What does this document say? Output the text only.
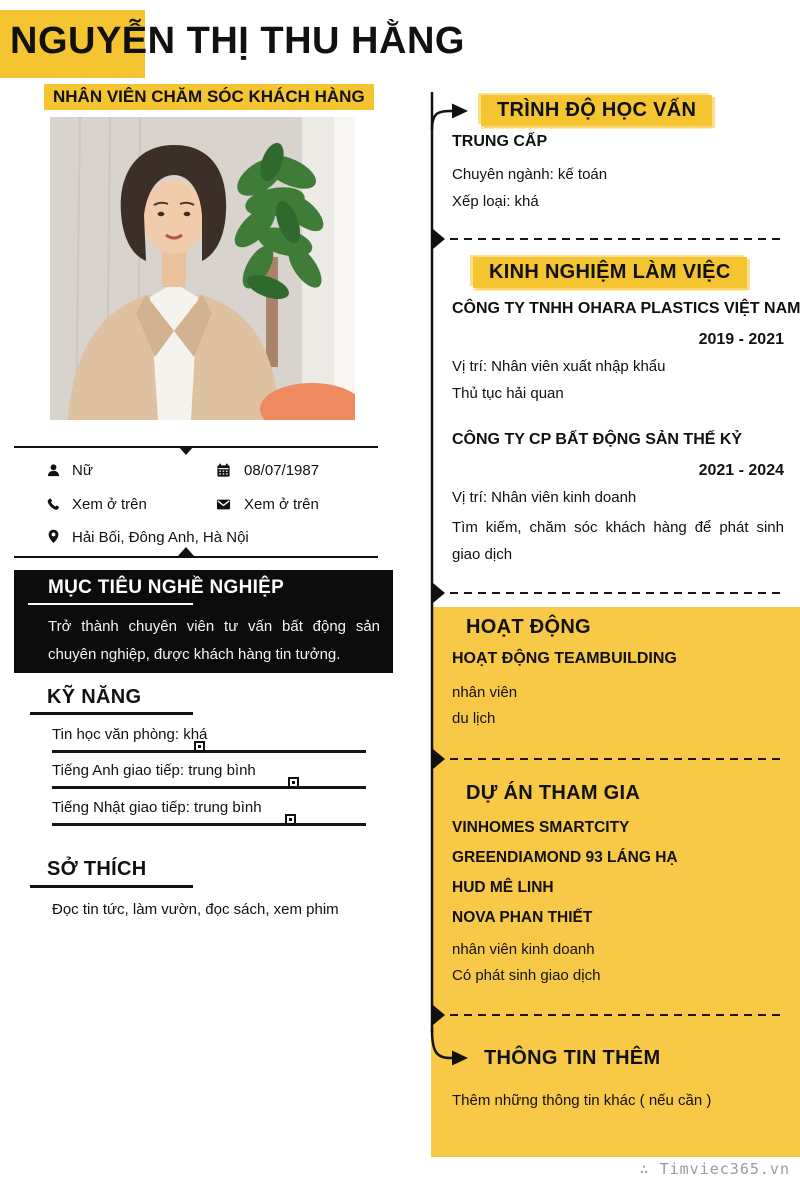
NGUYỄN THỊ THU HẰNG
NHÂN VIÊN CHĂM SÓC KHÁCH HÀNG
Nữ	08/07/1987
Xem ở trên	Xem ở trên
Hải Bối, Đông Anh, Hà Nội
MỤC TIÊU NGHỀ NGHIỆP

Trở thành chuyên viên tư vấn bất động sản chuyên nghiệp, được khách hàng tin tưởng.

KỸ NĂNG
Tin học văn phòng: khá
Tiếng Anh giao tiếp: trung bình
Tiếng Nhật giao tiếp: trung bình
SỞ THÍCH
Đọc tin tức, làm vườn, đọc sách, xem phim
TRÌNH ĐỘ HỌC VẤN
TRUNG CẤP
Chuyên ngành: kế toán
Xếp loại: khá
KINH NGHIỆM LÀM VIỆC
CÔNG TY TNHH OHARA PLASTICS VIỆT NAM
2019 - 2021
Vị trí: Nhân viên xuất nhập khẩu
Thủ tục hải quan
CÔNG TY CP BẤT ĐỘNG SẢN THẾ KỶ
2021 - 2024
Vị trí: Nhân viên kinh doanh
Tìm kiếm, chăm sóc khách hàng để phát sinh giao dịch
HOẠT ĐỘNG
HOẠT ĐỘNG TEAMBUILDING
nhân viên
du lịch
DỰ ÁN THAM GIA
VINHOMES SMARTCITY
GREENDIAMOND 93 LÁNG HẠ
HUD MÊ LINH
NOVA PHAN THIẾT
nhân viên kinh doanh
Có phát sinh giao dịch
THÔNG TIN THÊM
Thêm những thông tin khác ( nếu cần )
∴ Timviec365.vn
